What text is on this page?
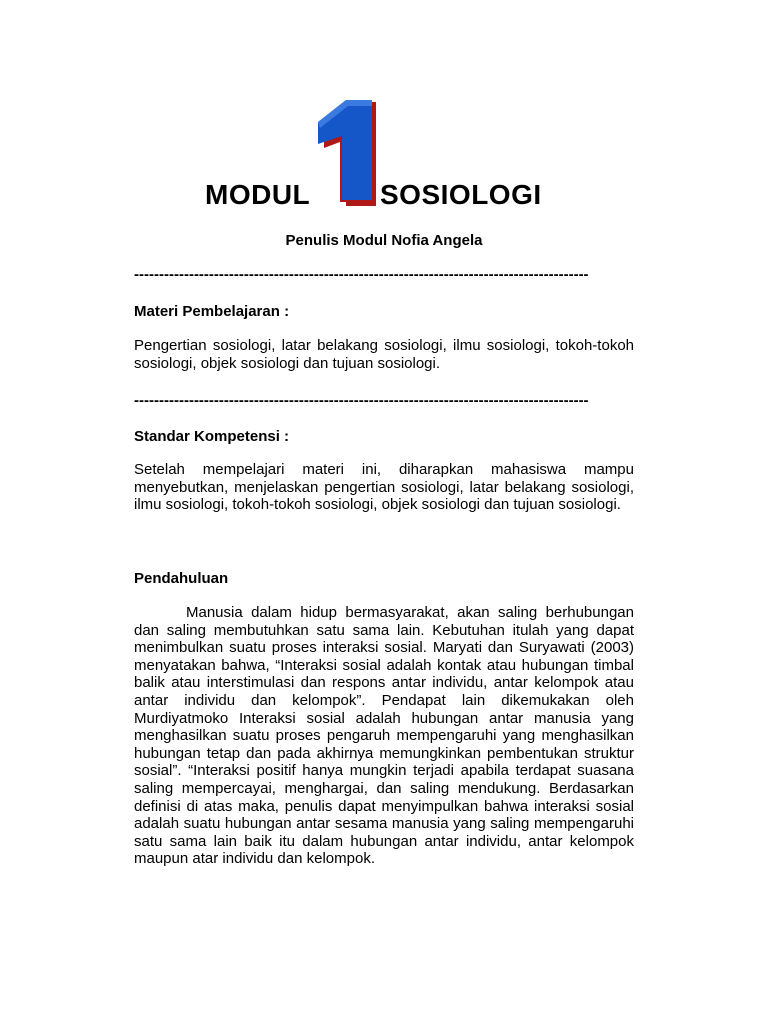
MODUL
1
SOSIOLOGI
Penulis Modul Nofia Angela
-------------------------------------------------------------------------------------------
Materi Pembelajaran :
Pengertian sosiologi, latar belakang sosiologi, ilmu sosiologi, tokoh-tokoh sosiologi, objek sosiologi dan tujuan sosiologi.
-------------------------------------------------------------------------------------------
Standar Kompetensi :
Setelah mempelajari materi ini, diharapkan mahasiswa mampu menyebutkan, menjelaskan pengertian sosiologi, latar belakang sosiologi, ilmu sosiologi, tokoh-tokoh sosiologi, objek sosiologi dan tujuan sosiologi.
Pendahuluan
Manusia dalam hidup bermasyarakat, akan saling berhubungan dan saling membutuhkan satu sama lain. Kebutuhan itulah yang dapat menimbulkan suatu proses interaksi sosial. Maryati dan Suryawati (2003) menyatakan bahwa, “Interaksi sosial adalah kontak atau hubungan timbal balik atau interstimulasi dan respons antar individu, antar kelompok atau antar individu dan kelompok”. Pendapat lain dikemukakan oleh Murdiyatmoko Interaksi sosial adalah hubungan antar manusia yang menghasilkan suatu proses pengaruh mempengaruhi yang menghasilkan hubungan tetap dan pada akhirnya memungkinkan pembentukan struktur sosial”. “Interaksi positif hanya mungkin terjadi apabila terdapat suasana saling mempercayai, menghargai, dan saling mendukung. Berdasarkan definisi di atas maka, penulis dapat menyimpulkan bahwa interaksi sosial adalah suatu hubungan antar sesama manusia yang saling mempengaruhi satu sama lain baik itu dalam hubungan antar individu, antar kelompok maupun atar individu dan kelompok.
